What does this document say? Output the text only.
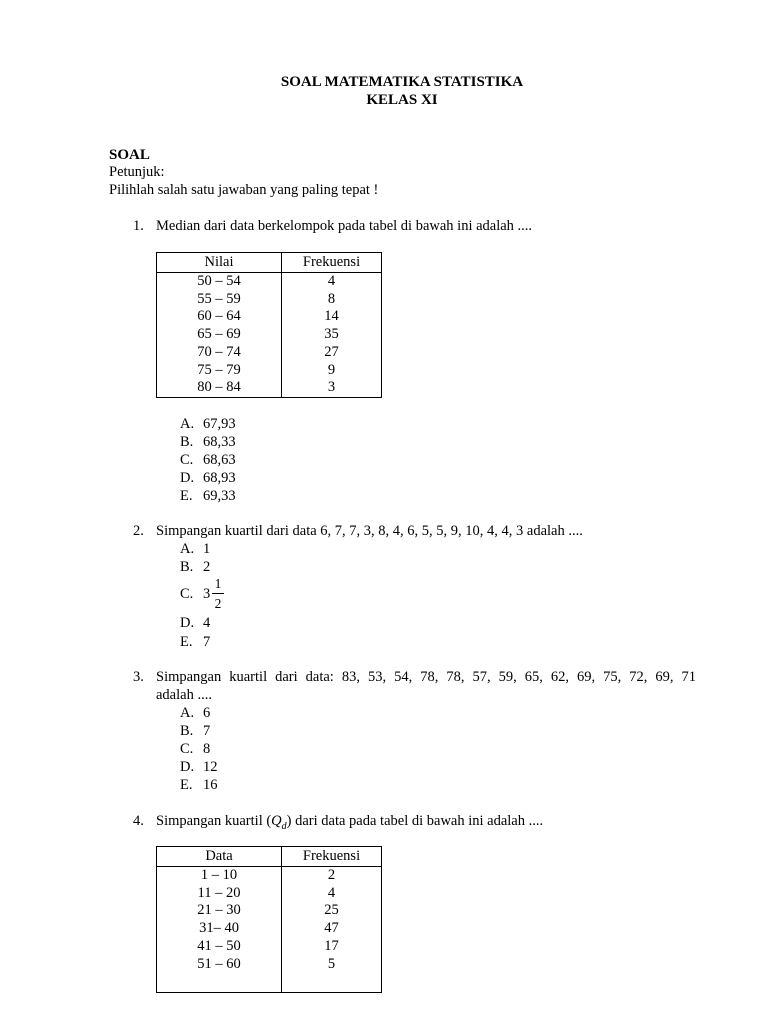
SOAL MATEMATIKA STATISTIKA
KELAS XI
SOAL
Petunjuk:
Pilihlah salah satu jawaban yang paling tepat !
1. Median dari data berkelompok pada tabel di bawah ini adalah ....
Nilai	Frekuensi
50 – 54	4
55 – 59	8
60 – 64	14
65 – 69	35
70 – 74	27
75 – 79	9
80 – 84	3
A. 67,93
B. 68,33
C. 68,63
D. 68,93
E. 69,33
2. Simpangan kuartil dari data 6, 7, 7, 3, 8, 4, 6, 5, 5, 9, 10, 4, 4, 3 adalah ....
A. 1
B. 2
C. 3
1
2
D. 4
E. 7
3. Simpangan kuartil dari data: 83, 53, 54, 78, 78, 57, 59, 65, 62, 69, 75, 72, 69, 71
adalah ....
A. 6
B. 7
C. 8
D. 12
E. 16
4. Simpangan kuartil $(Q_d)$ dari data pada tabel di bawah ini adalah ....
Data	Frekuensi
1 – 10	2
11 – 20	4
21 – 30	25
31– 40	47
41 – 50	17
51 – 60	5
